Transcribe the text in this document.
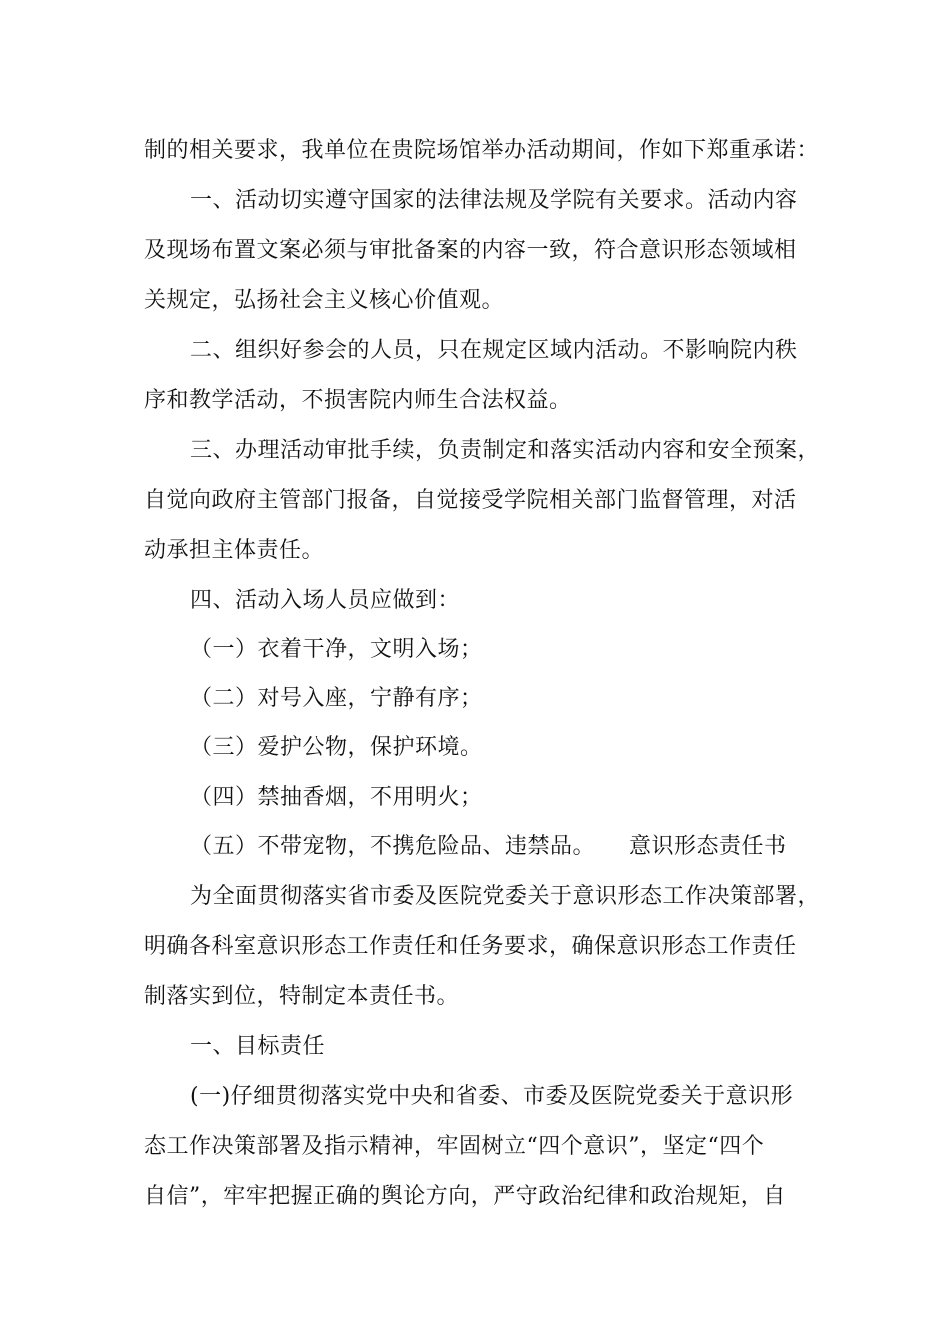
制的相关要求，我单位在贵院场馆举办活动期间，作如下郑重承诺：
一、活动切实遵守国家的法律法规及学院有关要求。活动内容
及现场布置文案必须与审批备案的内容一致，符合意识形态领域相
关规定，弘扬社会主义核心价值观。
二、组织好参会的人员，只在规定区域内活动。不影响院内秩
序和教学活动，不损害院内师生合法权益。
三、办理活动审批手续，负责制定和落实活动内容和安全预案，
自觉向政府主管部门报备，自觉接受学院相关部门监督管理，对活
动承担主体责任。
四、活动入场人员应做到：
（一）衣着干净，文明入场；
（二）对号入座，宁静有序；
（三）爱护公物，保护环境。
（四）禁抽香烟，不用明火；
（五）不带宠物，不携危险品、违禁品。　　意识形态责任书
为全面贯彻落实省市委及医院党委关于意识形态工作决策部署，
明确各科室意识形态工作责任和任务要求，确保意识形态工作责任
制落实到位，特制定本责任书。
一、目标责任
(一)仔细贯彻落实党中央和省委、市委及医院党委关于意识形
态工作决策部署及指示精神，牢固树立“四个意识”，坚定“四个
自信”，牢牢把握正确的舆论方向，严守政治纪律和政治规矩，自
